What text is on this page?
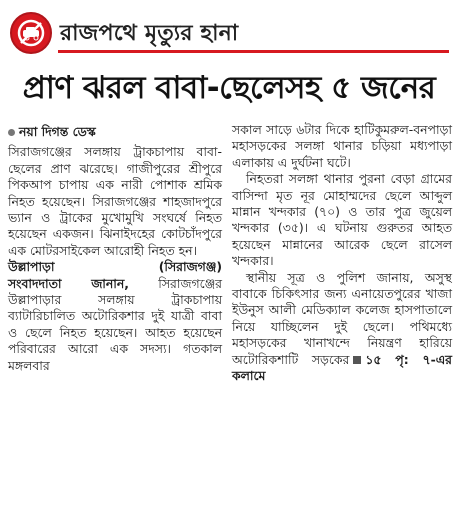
রাজপথে মৃত্যুর হানা
প্রাণ ঝরল বাবা-ছেলেসহ ৫ জনের

নয়া দিগন্ত ডেস্ক

সিরাজগঞ্জের সলঙ্গায় ট্রাকচাপায় বাবা-ছেলের প্রাণ ঝরেছে। গাজীপুরের শ্রীপুরে পিকআপ চাপায় এক নারী পোশাক শ্রমিক নিহত হয়েছেন। সিরাজগঞ্জের শাহজাদপুরে ভ্যান ও ট্রাকের মুখোমুখি সংঘর্ষে নিহত হয়েছেন একজন। ঝিনাইদহের কোটচাঁদপুরে এক মোটরসাইকেল আরোহী নিহত হন।

উল্লাপাড়া	(সিরাজগঞ্জ)

সংবাদদাতা জানান, সিরাজগঞ্জের উল্লাপাড়ার সলঙ্গায় ট্রাকচাপায় ব্যাটারিচালিত অটোরিকশার দুই যাত্রী বাবা ও ছেলে নিহত হয়েছেন। আহত হয়েছেন পরিবারের আরো এক সদস্য। গতকাল মঙ্গলবার

সকাল সাড়ে ৬টার দিকে হাটিকুমরুল-বনপাড়া মহাসড়কের সলঙ্গা থানার চড়িয়া মধ্যপাড়া এলাকায় এ দুর্ঘটনা ঘটে।

নিহতরা সলঙ্গা থানার পুরনা বেড়া গ্রামের বাসিন্দা মৃত নূর মোহাম্মদের ছেলে আব্দুল মান্নান খন্দকার (৭০) ও তার পুত্র জুয়েল খন্দকার (৩৫)। এ ঘটনায় গুরুতর আহত হয়েছেন মান্নানের আরেক ছেলে রাসেল খন্দকার।

স্থানীয় সূত্র ও পুলিশ জানায়, অসুস্থ বাবাকে চিকিৎসার জন্য এনায়েতপুরের খাজা ইউনুস আলী মেডিক্যাল কলেজ হাসপাতালে নিয়ে যাচ্ছিলেন দুই ছেলে। পথিমধ্যে মহাসড়কের খানাখন্দে নিয়ন্ত্রণ হারিয়ে অটোরিকশাটি সড়কের ১৫ পৃ: ৭-এর কলামে
